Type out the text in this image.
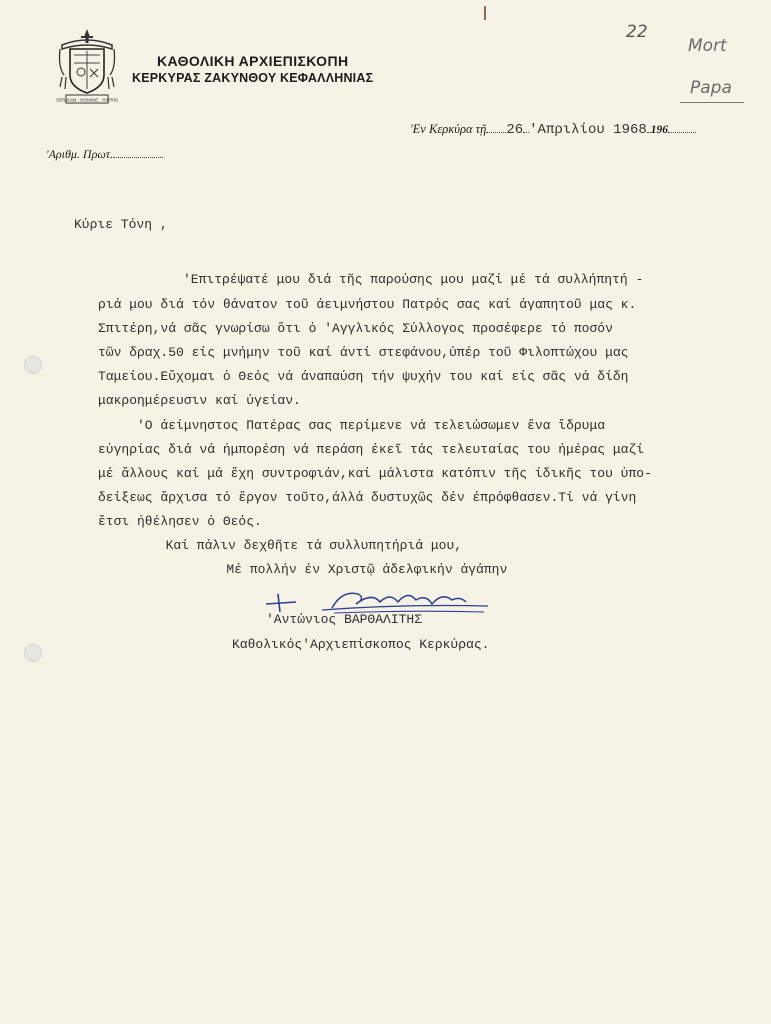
SERVIAM · NOMINE · PATRIS
ΚΑΘΟΛΙΚΗ ΑΡΧΙΕΠΙΣΚΟΠΗ
ΚΕΡΚΥΡΑΣ ΖΑΚΥΝΘΟΥ ΚΕΦΑΛΛΗΝΙΑΣ
22
Mort
Papa
'Εν Κερκύρα τῇ 26 'Απριλίου 1968 196
'Αριθμ. Πρωτ.
Κύριε Τόνη ,
'Επιτρέψατέ μου διά τῆς παρούσης μου μαζί μέ τά συλλήπητή -
ριά μου διά τόν θάνατον τοῦ άειμνήστου Πατρός σας καί άγαπητοῦ μας κ.
Σπιτέρη,νά σᾶς γνωρίσω ὅτι ὁ 'Αγγλικός Σύλλογος προσέφερε τό ποσόν
τῶν δραχ.50 είς μνήμην τοῦ καί άντί στεφάνου,ύπέρ τοῦ Φιλοπτώχου μας
Ταμείου.Εὔχομαι ὁ Θεός νά άναπαύση τήν ψυχήν του καί είς σᾶς νά δίδη
μακροημέρευσιν καί ύγείαν.
'Ο άείμνηστος Πατέρας σας περίμενε νά τελειώσωμεν ἕνα ἵδρυμα
εὐγηρίας διά νά ἠμπορέση νά περάση έκεῖ τάς τελευταίας του ἡμέρας μαζί
μέ ἄλλους καί μά ἔχη συντροφιάν,καί μάλιστα κατόπιν τῆς ίδικῆς του ὑπο-
δείξεως ἄρχισα τό ἔργον τοῦτο,άλλά δυστυχῶς δέν έπρόφθασεν.Τί νά γίνη
ἔτσι ἠθέλησεν ὁ Θεός.
Καί πάλιν δεχθῆτε τά συλλυπητήριά μου,
Μέ πολλήν έν Χριστῷ άδελφικήν άγάπην
'Αντώνιος ΒΑΡΘΑΛΙΤΗΣ
Καθολικός'Αρχιεπίσκοπος Κερκύρας.
